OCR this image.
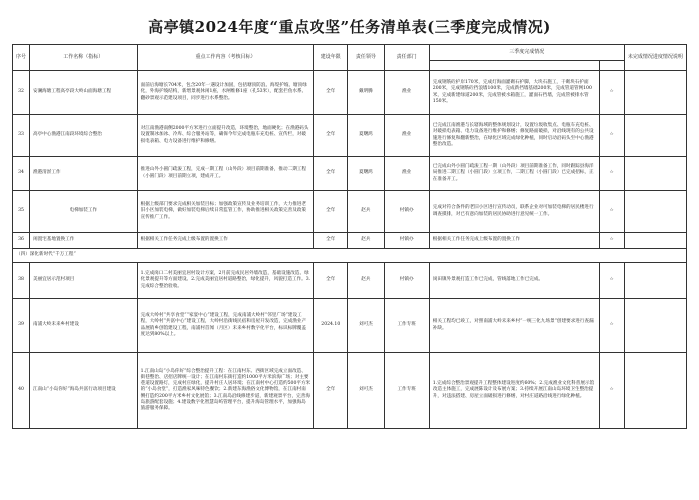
高亭镇2024年度“重点攻坚”任务清单表(三季度完成情况)
序号	工作名称（指标）	重点工作内容（考核目标）	建设年限	责任领导	责任部门	三季度完成情况		未完成情况进度情况说明

32	安澜海塘工程高亭段大岭山面海塘工程	面前后海塘长704米，包含20年一遇设计加固，包括塘顶防浪、海堤护坡、塘顶绿化，外海护坡结构，新增景观休闲1座，水闸维修1座（孔53米），配套拦鱼水系、翻砂景观示范建设项目，同步进行水系整治。	全年	戴明腾	渔业	完成钢筋砼护岸170米，完成灯海面灌砌石护脚，大块石施工，干砌块石护面200米，完成钢筋砼挡浪墙100米，完成新挡墙基础200米，完成管道管网100米，完成新建绿道200米，完成管被水箱施工，灌面石挡墙，完成管被排水管150米。	☆	
33	高亭中心渔港江南段环境综合整治	对江南渔港南侧2000平方米进行立面提升改造，环境整治，地面硬化；在渔港码头设置制冰加冰、冷库、综合服务站等，确保今年完成电瓶车充电桩、宣传栏，对破损电表箱、电力设备进行维护和修缮。	全年	夏曙鸿	渔业	已完成江南渔港与长辖海域的整体规划设计，设置垃圾收集点、电瓶车充电桩、对破损电表箱、电力设备进行维护和修缮；修复路面破损，对沿线现有的公共设施进行修复和翻新整治，在绿化区域完成绿化种植，同时启动沿码头至中心渔港整治改造。	☆	
34	渔港清淤工作	推进山外小圆门疏浚工程，完成一期工程（山外段）项目前期准备，推动二期工程（小圆门段）项目前期立项，建成开工。	全年	夏曙鸿	渔业	已完成山外小圆门疏浚工程一期（山外段）项目前期准备工作，同时跟踪县海洋局推进二期工程（小圆门段）立项工作，二期工程（小圆门段）已完成招标，正在准备开工。	☆	
35	电梯加装工作	根据上级部门要求完成相关加装目标；加强政策宣传及业务培训工作，大力推进老旧小区加装电梯，做好加装电梯后续日常监管工作，协助推进相关政策完善及政策宣传推广工作。	全年	赵兵	村镇办	完成对符合条件的老旧小区进行宣传动员，联系企业对可加装电梯的居民楼进行调查摸排，对已有意向加装的居民协助进行意见统一工作。	☆	
36	闲置宅基地置换工作	根据相关工作任务完成上级布置的置换工作	全年	赵兵	村镇办	根据相关工作任务完成上级布置的置换工作	☆	
（四）深化新时代“千万工程”								
38	美丽宜居示范村项目	1.完成岗口二村美丽宜居村设计方案，2月前完成民居外墙改造，基础设施改造、绿化景观提升等方面建设。2.完成美丽宜居村道路整治，绿化提升，风貌打造工作。3.完成综合整治验收。	全年	赵兵	村镇办	岗田镇外景观打造工作已完成，管线落地工作已完成。	☆	
39	南浦大岭未来乡村建设	完成大岭村“共享食堂”“家宴中心”建设工程，完成南浦大岭村“邻里广场”建设工程，大岭村“共富中心”建设工程，大岭村沿街线民宿和房屋开发改造，完成渔业产品展销乡创馆建设工程，南浦村首闻（月区）未来乡村数字化平台，标识标牌覆盖度达到80%以上。	2024.10	刘可杰	工作专班	相关工程均已竣工，对照南浦大岭未来乡村“一统三化九场景”创建要求进行查漏补缺。	☆	
40	江南山“小岛你好”海岛共富行动项目建设	1.江南山岛“小岛你好”综合整治提升工程：在江南村东、西街区域完成立面改造、街巷整治、店招店牌统一设计；在江南村东街打造约1000平方米滨海广场；对主要巷道设置路灯，完成村庄绿化，提升村庄人居环境；在江南村中心打造约500平方米的“小岛食堂”，打造渔家风味特色餐饮；2.新建东海渔俗文化博物馆，在江南村南侧打造约200平方米乡村文化展馆；3.江南岛沿线修建步道，新建观景平台，完善海岛旅游配套设施；4.建设数字化智慧岛屿管理平台，提升海岛管理水平，加强海岛旅游服务保障。	全年	刘可杰	工作专班	1.完成综合整治景观提升工程整体建设进度约60%；2.完成渔业文化科普展示馆改造主体施工，完成展陈设计及布展方案；3.持续开展江南山岛环境卫生整治提升，对违法搭建、房屋立面破损进行修缮，对村庄道路沿线进行绿化种植。	☆	
